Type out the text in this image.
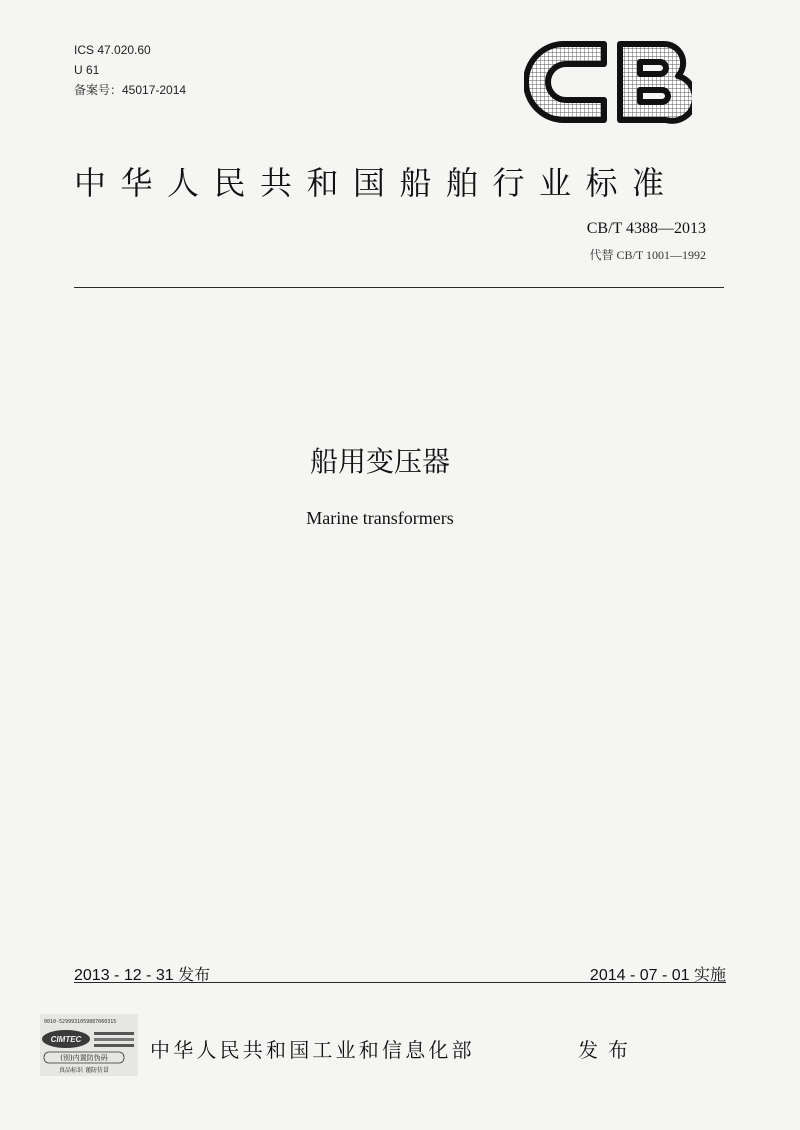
ICS 47.020.60
U 61
备案号：45017-2014
中华人民共和国船舶行业标准
CB/T 4388—2013
代替 CB/T 1001—1992
船用变压器
Marine transformers
2013 - 12 - 31 发布	2014 - 07 - 01 实施
0010-5299931059887060315
CIMTEC
(别)内置防伪码
真品标识 谨防仿冒
中华人民共和国工业和信息化部	发布
